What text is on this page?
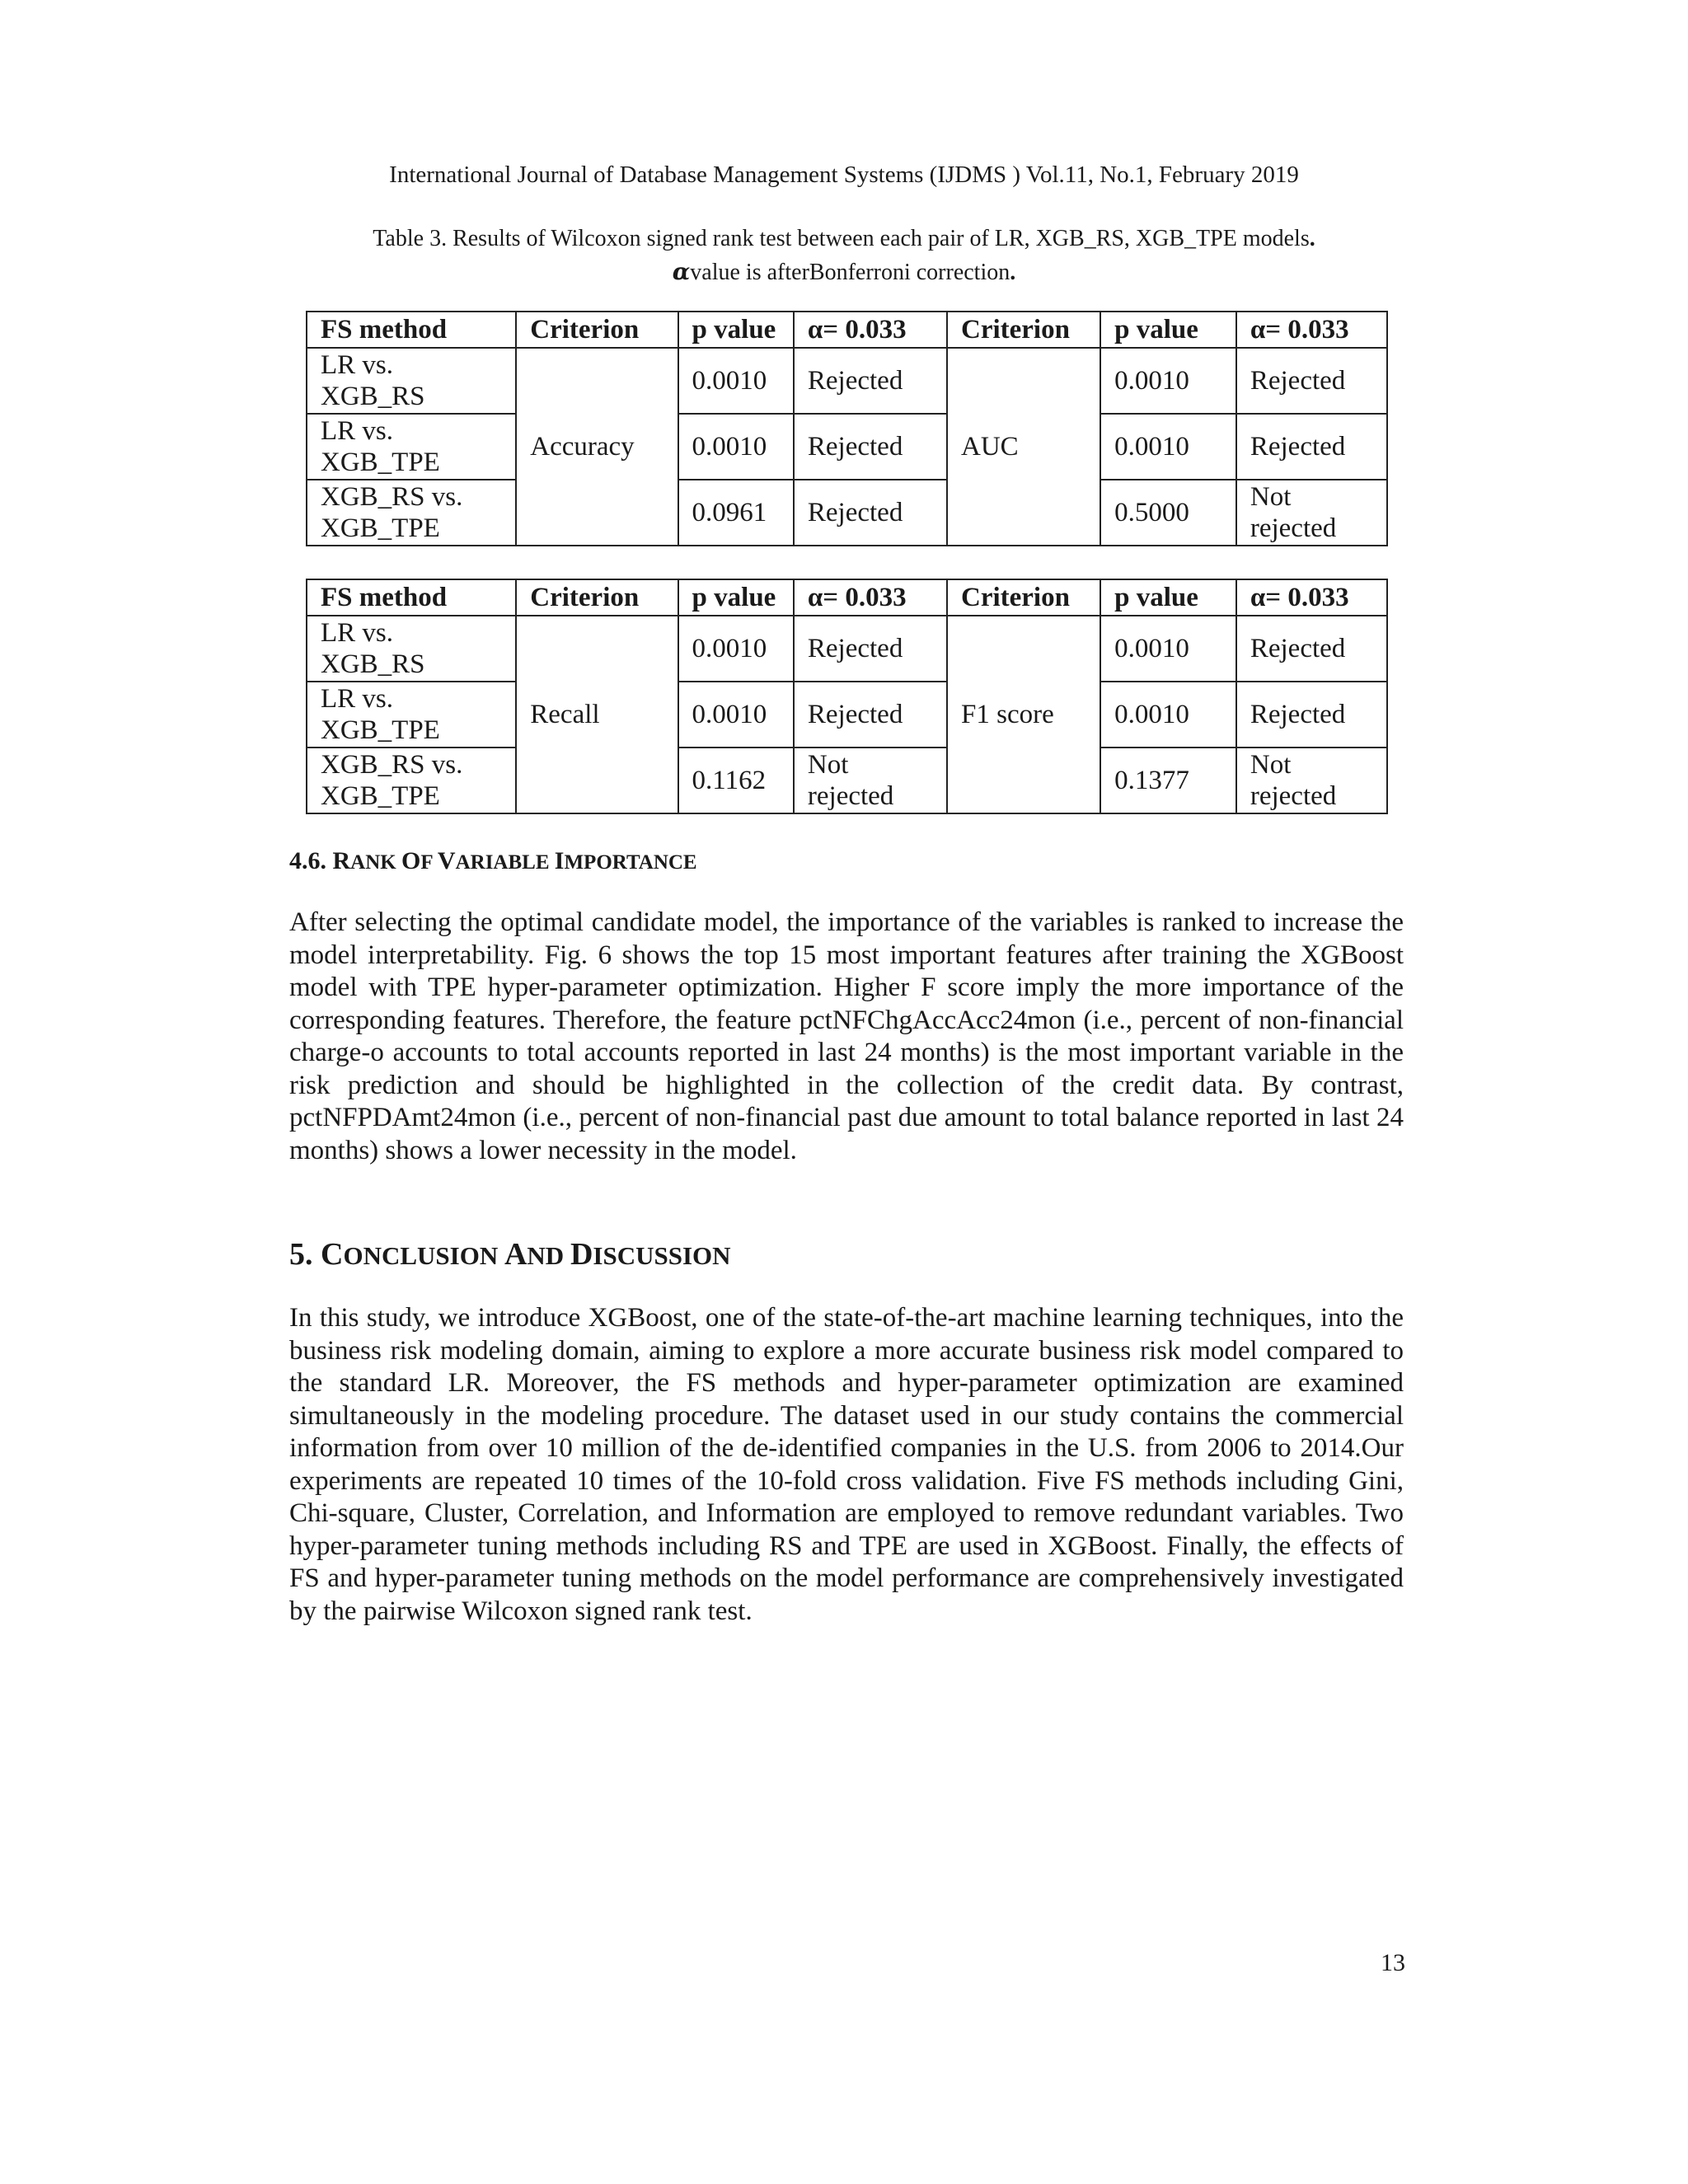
International Journal of Database Management Systems (IJDMS ) Vol.11, No.1, February 2019
Table 3. Results of Wilcoxon signed rank test between each pair of LR, XGB_RS, XGB_TPE models.
αvalue is afterBonferroni correction.
FS method	Criterion	p value	α= 0.033	Criterion	p value	α= 0.033

LR vs.
XGB_RS	Accuracy	0.0010	Rejected	AUC	0.0010	Rejected

LR vs.
XGB_TPE		0.0010	Rejected		0.0010	Rejected

XGB_RS vs.
XGB_TPE		0.0961	Rejected		0.5000	Not rejected
FS method	Criterion	p value	α= 0.033	Criterion	p value	α= 0.033

LR vs.
XGB_RS	Recall	0.0010	Rejected	F1 score	0.0010	Rejected

LR vs.
XGB_TPE		0.0010	Rejected		0.0010	Rejected

XGB_RS vs.
XGB_TPE		0.1162	Not rejected		0.1377	Not rejected
4.6. RANK OF VARIABLE IMPORTANCE

After selecting the optimal candidate model, the importance of the variables is ranked to increase the model interpretability. Fig. 6 shows the top 15 most important features after training the XGBoost model with TPE hyper-parameter optimization. Higher F score imply the more importance of the corresponding features. Therefore, the feature pctNFChgAccAcc24mon (i.e., percent of non-financial charge-o accounts to total accounts reported in last 24 months) is the most important variable in the risk prediction and should be highlighted in the collection of the credit data. By contrast, pctNFPDAmt24mon (i.e., percent of non-financial past due amount to total balance reported in last 24 months) shows a lower necessity in the model.

5. CONCLUSION AND DISCUSSION

In this study, we introduce XGBoost, one of the state-of-the-art machine learning techniques, into the business risk modeling domain, aiming to explore a more accurate business risk model compared to the standard LR. Moreover, the FS methods and hyper-parameter optimization are examined simultaneously in the modeling procedure. The dataset used in our study contains the commercial information from over 10 million of the de-identified companies in the U.S. from 2006 to 2014.Our experiments are repeated 10 times of the 10-fold cross validation. Five FS methods including Gini, Chi-square, Cluster, Correlation, and Information are employed to remove redundant variables. Two hyper-parameter tuning methods including RS and TPE are used in XGBoost. Finally, the effects of FS and hyper-parameter tuning methods on the model performance are comprehensively investigated by the pairwise Wilcoxon signed rank test.

13
